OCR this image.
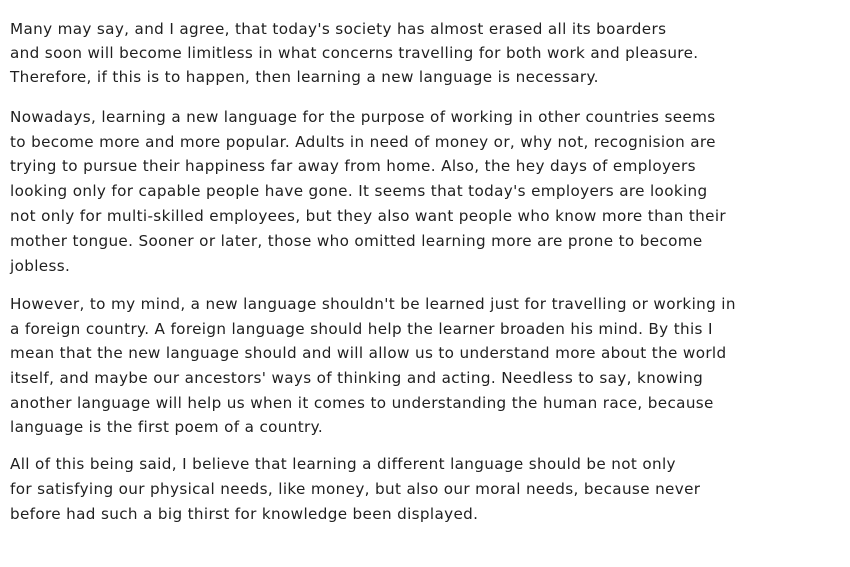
Many may say, and I agree, that today's society has almost erased all its boarders
and soon will become limitless in what concerns travelling for both work and pleasure.
Therefore, if this is to happen, then learning a new language is necessary.
Nowadays, learning a new language for the purpose of working in other countries seems
to become more and more popular. Adults in need of money or, why not, recognision are
trying to pursue their happiness far away from home. Also, the hey days of employers
looking only for capable people have gone. It seems that today's employers are looking
not only for multi-skilled employees, but they also want people who know more than their
mother tongue. Sooner or later, those who omitted learning more are prone to become
jobless.
However, to my mind, a new language shouldn't be learned just for travelling or working in
a foreign country. A foreign language should help the learner broaden his mind. By this I
mean that the new language should and will allow us to understand more about the world
itself, and maybe our ancestors' ways of thinking and acting. Needless to say, knowing
another language will help us when it comes to understanding the human race, because
language is the first poem of a country.
All of this being said, I believe that learning a different language should be not only
for satisfying our physical needs, like money, but also our moral needs, because never
before had such a big thirst for knowledge been displayed.
